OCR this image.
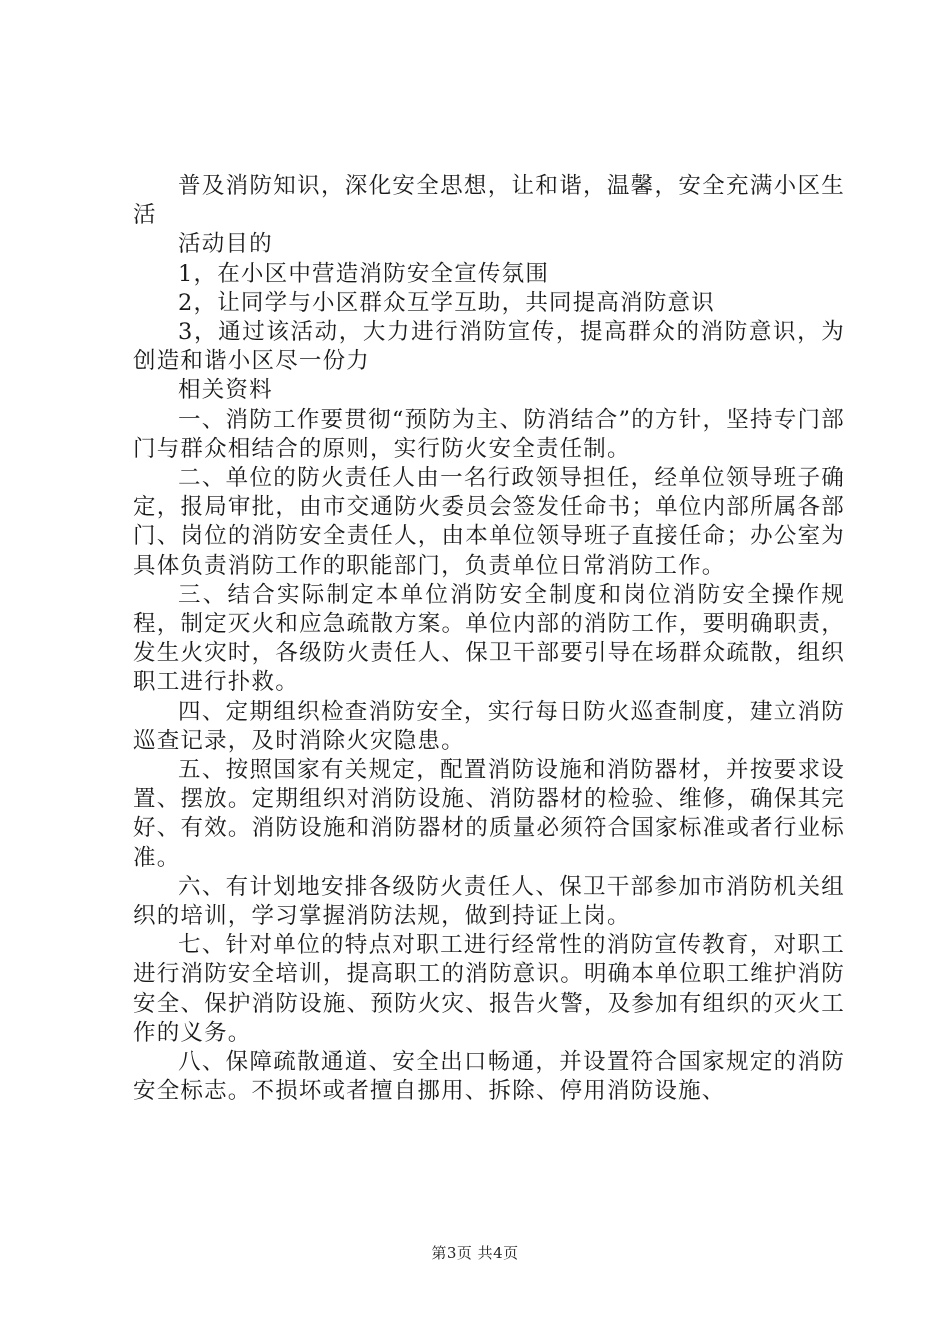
普及消防知识，深化安全思想，让和谐，温馨，安全充满小区生活

活动目的

1，在小区中营造消防安全宣传氛围

2，让同学与小区群众互学互助，共同提高消防意识

3，通过该活动，大力进行消防宣传，提高群众的消防意识，为创造和谐小区尽一份力

相关资料

一、消防工作要贯彻“预防为主、防消结合”的方针，坚持专门部门与群众相结合的原则，实行防火安全责任制。

二、单位的防火责任人由一名行政领导担任，经单位领导班子确定，报局审批，由市交通防火委员会签发任命书；单位内部所属各部门、岗位的消防安全责任人，由本单位领导班子直接任命；办公室为具体负责消防工作的职能部门，负责单位日常消防工作。

三、结合实际制定本单位消防安全制度和岗位消防安全操作规程，制定灭火和应急疏散方案。单位内部的消防工作，要明确职责，发生火灾时，各级防火责任人、保卫干部要引导在场群众疏散，组织职工进行扑救。

四、定期组织检查消防安全，实行每日防火巡查制度，建立消防巡查记录，及时消除火灾隐患。

五、按照国家有关规定，配置消防设施和消防器材，并按要求设置、摆放。定期组织对消防设施、消防器材的检验、维修，确保其完好、有效。消防设施和消防器材的质量必须符合国家标准或者行业标准。

六、有计划地安排各级防火责任人、保卫干部参加市消防机关组织的培训，学习掌握消防法规，做到持证上岗。

七、针对单位的特点对职工进行经常性的消防宣传教育，对职工进行消防安全培训，提高职工的消防意识。明确本单位职工维护消防安全、保护消防设施、预防火灾、报告火警，及参加有组织的灭火工作的义务。

八、保障疏散通道、安全出口畅通，并设置符合国家规定的消防安全标志。不损坏或者擅自挪用、拆除、停用消防设施、

第3页 共4页
